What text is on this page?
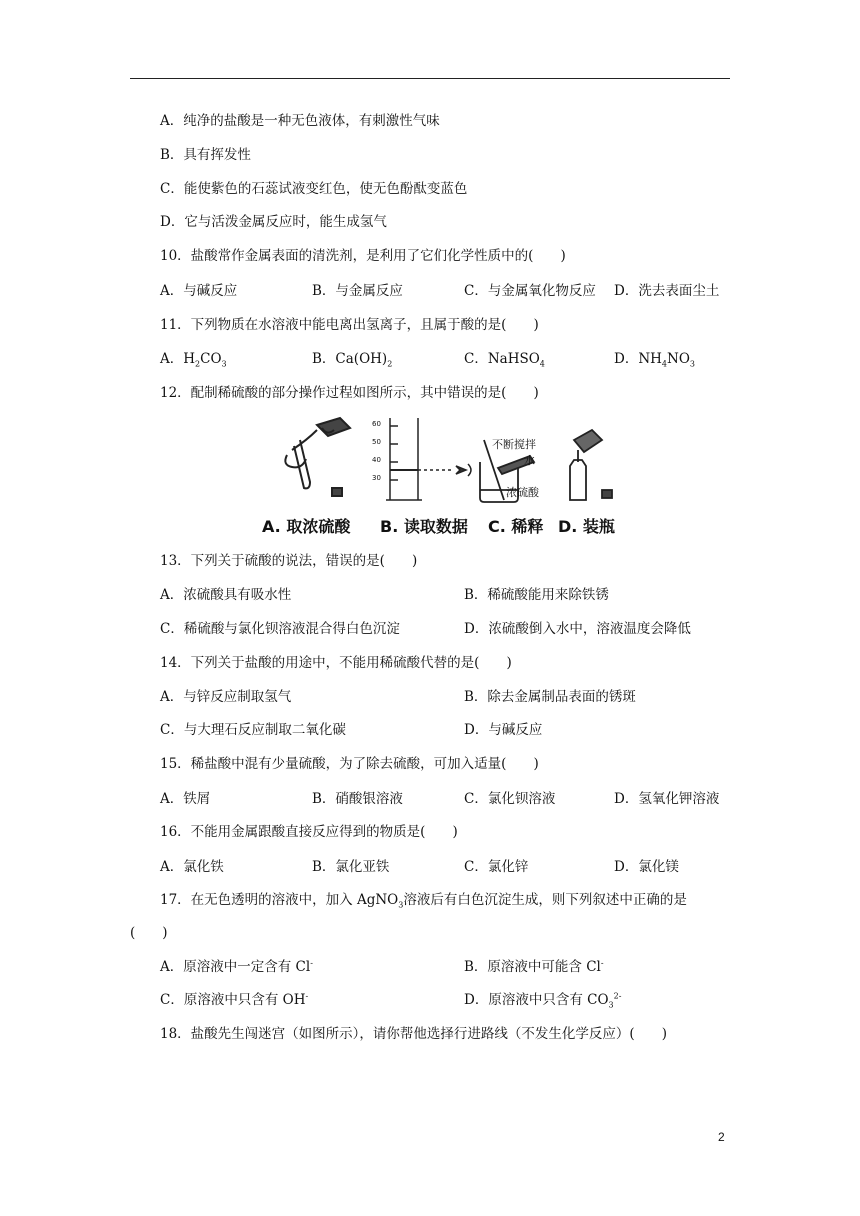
A．纯净的盐酸是一种无色液体，有刺激性气味
B．具有挥发性
C．能使紫色的石蕊试液变红色，使无色酚酞变蓝色
D．它与活泼金属反应时，能生成氢气
10．盐酸常作金属表面的清洗剂，是利用了它们化学性质中的(　　)
A．与碱反应	B．与金属反应	C．与金属氧化物反应 D．洗去表面尘土
11．下列物质在水溶液中能电离出氢离子，且属于酸的是(　　)
A．$H_2CO_3$	B．$Ca(OH)_2$	C．NaHSO$_4$	D．$NH_4NO_3$
12．配制稀硫酸的部分操作过程如图所示，其中错误的是(　　)
60
50
40
30
不断搅拌
水
浓硫酸
A. 取浓硫酸 B. 读取数据 C. 稀释 D. 装瓶
13．下列关于硫酸的说法，错误的是(　　)
A．浓硫酸具有吸水性	B．稀硫酸能用来除铁锈
C．稀硫酸与氯化钡溶液混合得白色沉淀	D．浓硫酸倒入水中，溶液温度会降低
14．下列关于盐酸的用途中，不能用稀硫酸代替的是(　　)
A．与锌反应制取氢气	B．除去金属制品表面的锈斑
C．与大理石反应制取二氧化碳	D．与碱反应
15．稀盐酸中混有少量硫酸，为了除去硫酸，可加入适量(　　)
A．铁屑	B．硝酸银溶液	C．氯化钡溶液	D．氢氧化钾溶液
16．不能用金属跟酸直接反应得到的物质是(　　)
A．氯化铁	B．氯化亚铁	C．氯化锌	D．氯化镁
17．在无色透明的溶液中，加入 AgNO$_3$溶液后有白色沉淀生成，则下列叙述中正确的是
(　　)
A．原溶液中一定含有 Cl-	B．原溶液中可能含 Cl-
C．原溶液中只含有 OH-	D．原溶液中只含有 $CO_3^{2-}$
18．盐酸先生闯迷宫（如图所示），请你帮他选择行进路线（不发生化学反应）(　　)
2
